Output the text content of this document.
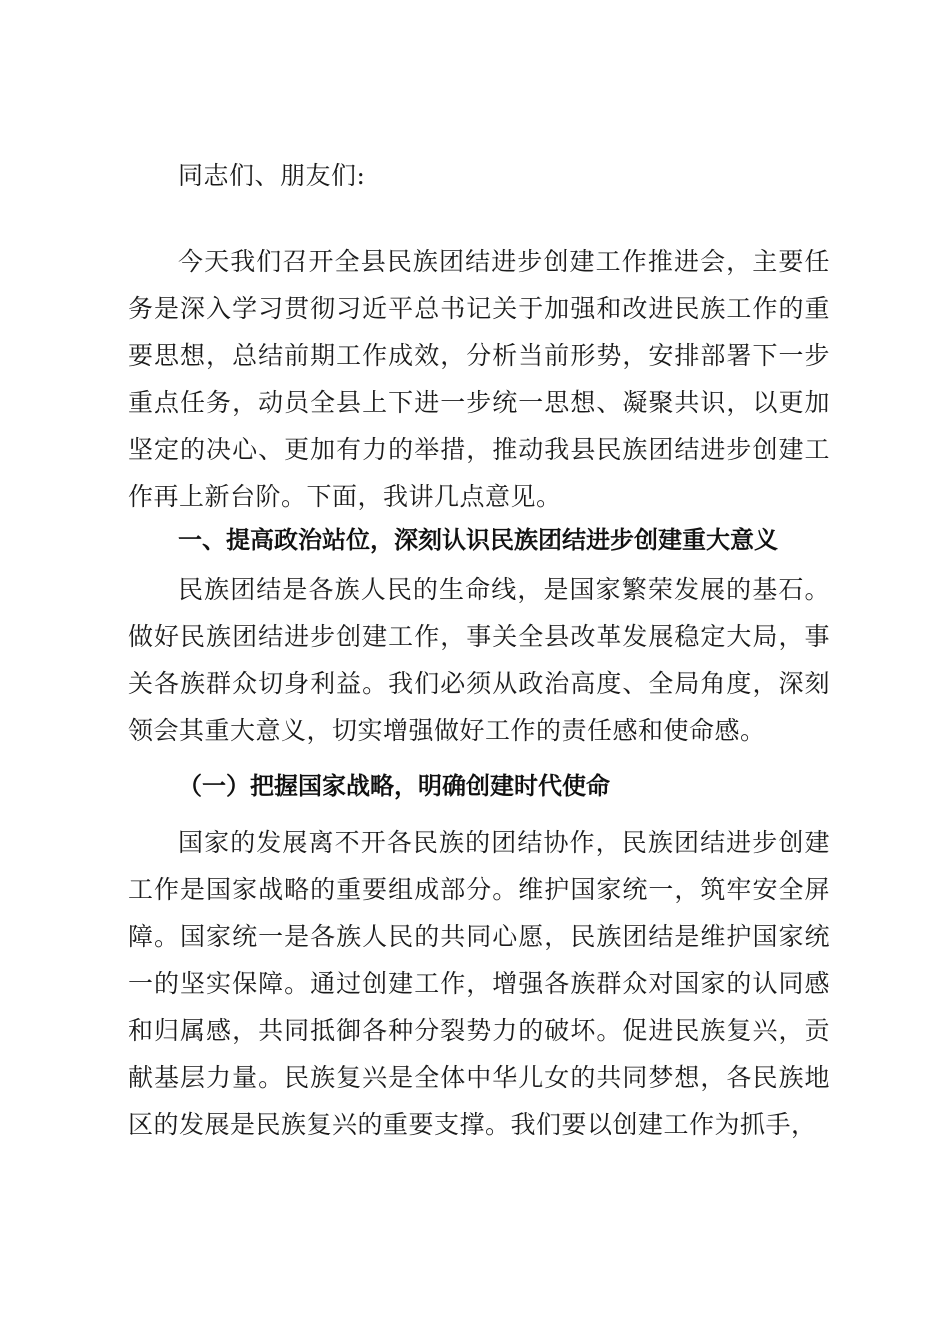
同志们、朋友们:

今天我们召开全县民族团结进步创建工作推进会，主要任务是深入学习贯彻习近平总书记关于加强和改进民族工作的重要思想，总结前期工作成效，分析当前形势，安排部署下一步重点任务，动员全县上下进一步统一思想、凝聚共识，以更加坚定的决心、更加有力的举措，推动我县民族团结进步创建工作再上新台阶。下面，我讲几点意见。

一、提高政治站位，深刻认识民族团结进步创建重大意义

民族团结是各族人民的生命线，是国家繁荣发展的基石。做好民族团结进步创建工作，事关全县改革发展稳定大局，事关各族群众切身利益。我们必须从政治高度、全局角度，深刻领会其重大意义，切实增强做好工作的责任感和使命感。

（一）把握国家战略，明确创建时代使命

国家的发展离不开各民族的团结协作，民族团结进步创建工作是国家战略的重要组成部分。维护国家统一，筑牢安全屏障。国家统一是各族人民的共同心愿，民族团结是维护国家统一的坚实保障。通过创建工作，增强各族群众对国家的认同感和归属感，共同抵御各种分裂势力的破坏。促进民族复兴，贡献基层力量。民族复兴是全体中华儿女的共同梦想，各民族地区的发展是民族复兴的重要支撑。我们要以创建工作为抓手，
